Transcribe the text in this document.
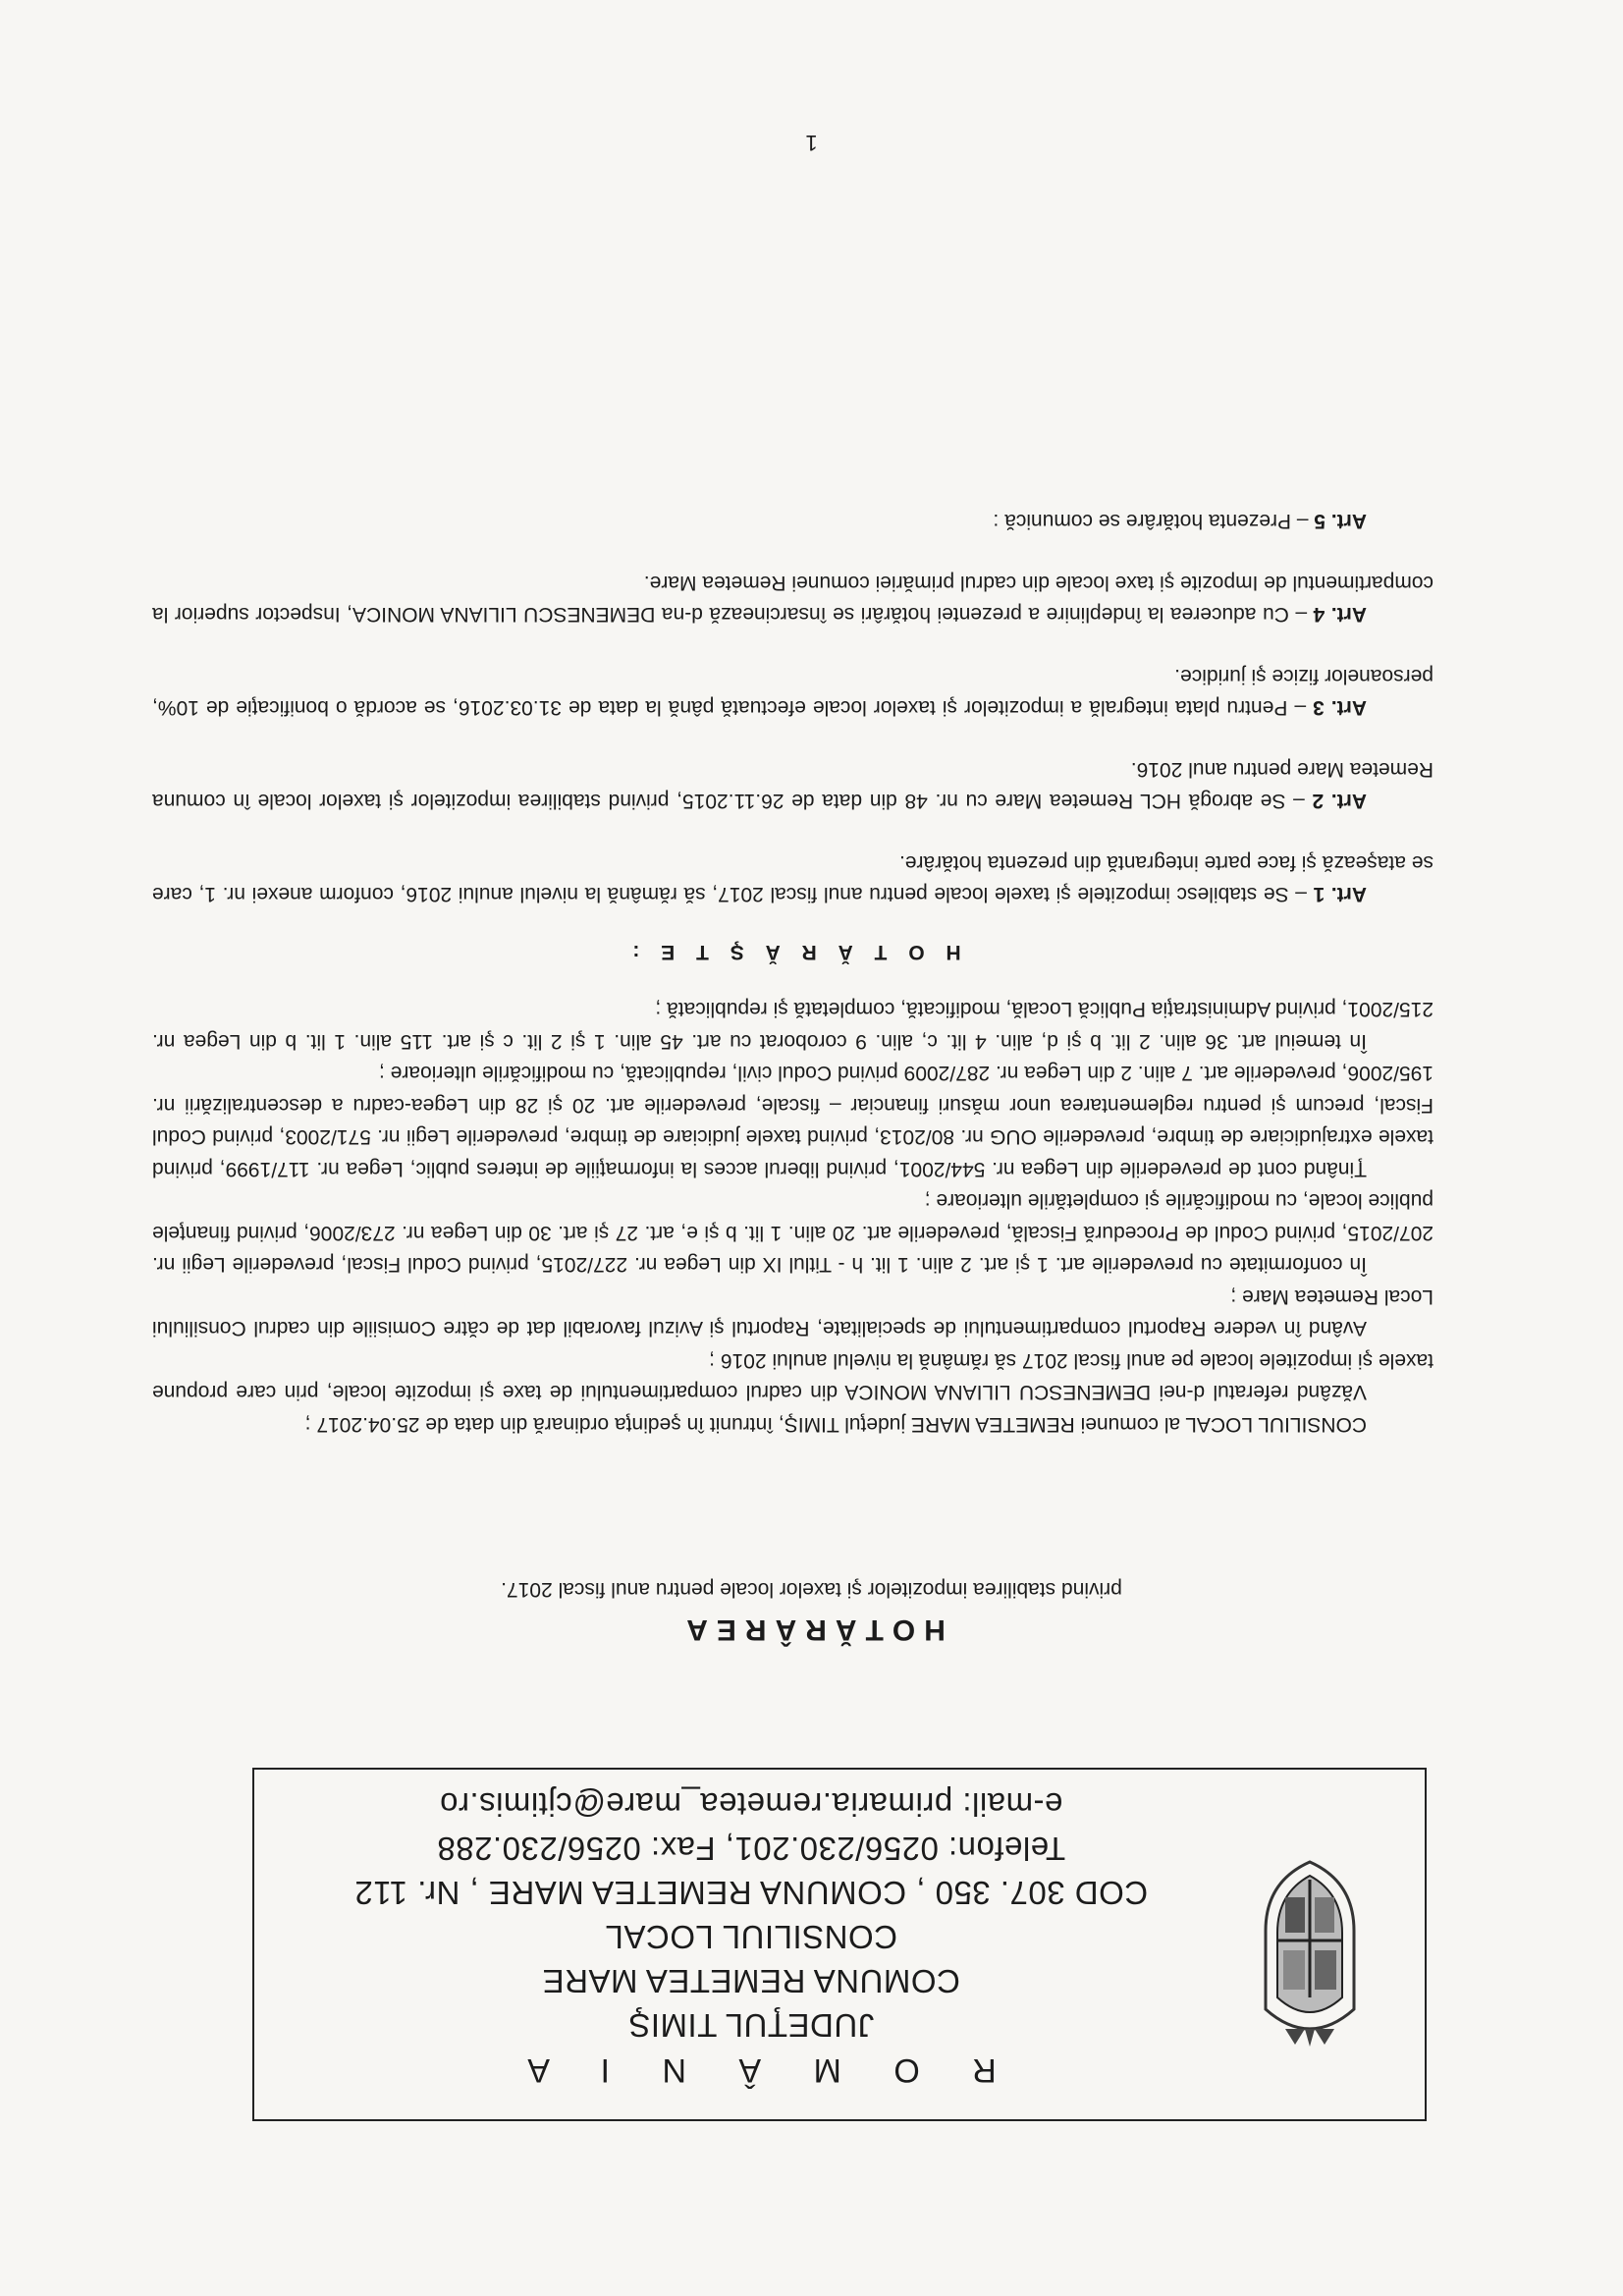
R O M Â N I A
JUDEŢUL TIMIŞ
COMUNA REMETEA MARE
CONSILIUL LOCAL
COD 307. 350 , COMUNA REMETEA MARE , Nr. 112
Telefon: 0256/230.201, Fax: 0256/230.288
e-mail: primaria.remetea_mare@cjtimis.ro
HOTĂRÂREA
privind stabilirea impozitelor şi taxelor locale pentru anul fiscal 2017.

CONSILIUL LOCAL al comunei REMETEA MARE judeţul TIMIŞ, întrunit în şedinţa ordinară din data de 25.04.2017 ;

Văzând referatul d-nei DEMENESCU LILIANA MONICA din cadrul compartimentului de taxe şi impozite locale, prin care propune taxele şi impozitele locale pe anul fiscal 2017 să rămână la nivelul anului 2016 ;

Având în vedere Raportul compartimentului de specialitate, Raportul şi Avizul favorabil dat de către Comisiile din cadrul Consiliului Local Remetea Mare ;

În conformitate cu prevederile art. 1 şi art. 2 alin. 1 lit. h - Titlul IX din Legea nr. 227/2015, privind Codul Fiscal, prevederile Legii nr. 207/2015, privind Codul de Procedură Fiscală, prevederile art. 20 alin. 1 lit. b şi e, art. 27 şi art. 30 din Legea nr. 273/2006, privind finanţele publice locale, cu modificările şi completările ulterioare ;

Ţinând cont de prevederile din Legea nr. 544/2001, privind liberul acces la informaţiile de interes public, Legea nr. 117/1999, privind taxele extrajudiciare de timbre, prevederile OUG nr. 80/2013, privind taxele judiciare de timbre, prevederile Legii nr. 571/2003, privind Codul Fiscal, precum şi pentru reglementarea unor măsuri financiar – fiscale, prevederile art. 20 şi 28 din Legea-cadru a descentralizării nr. 195/2006, prevederile art. 7 alin. 2 din Legea nr. 287/2009 privind Codul civil, republicată, cu modificările ulterioare ;

În temeiul art. 36 alin. 2 lit. b şi d, alin. 4 lit. c, alin. 9 coroborat cu art. 45 alin. 1 şi 2 lit. c şi art. 115 alin. 1 lit. b din Legea nr. 215/2001, privind Administraţia Publică Locală, modificată, completată şi republicată ;

H O T Ă R Ă Ş T E :

Art. 1 – Se stabilesc impozitele şi taxele locale pentru anul fiscal 2017, să rămână la nivelul anului 2016, conform anexei nr. 1, care se ataşează şi face parte integrantă din prezenta hotărâre.

Art. 2 – Se abrogă HCL Remetea Mare cu nr. 48 din data de 26.11.2015, privind stabilirea impozitelor şi taxelor locale în comuna Remetea Mare pentru anul 2016.

Art. 3 – Pentru plata integrală a impozitelor şi taxelor locale efectuată până la data de 31.03.2016, se acordă o bonificaţie de 10%, persoanelor fizice şi juridice.

Art. 4 – Cu aducerea la îndeplinire a prezentei hotărâri se însarcinează d-na DEMENESCU LILIANA MONICA, Inspector superior la compartimentul de Impozite şi taxe locale din cadrul primăriei comunei Remetea Mare.

Art. 5 – Prezenta hotărâre se comunică :

1
